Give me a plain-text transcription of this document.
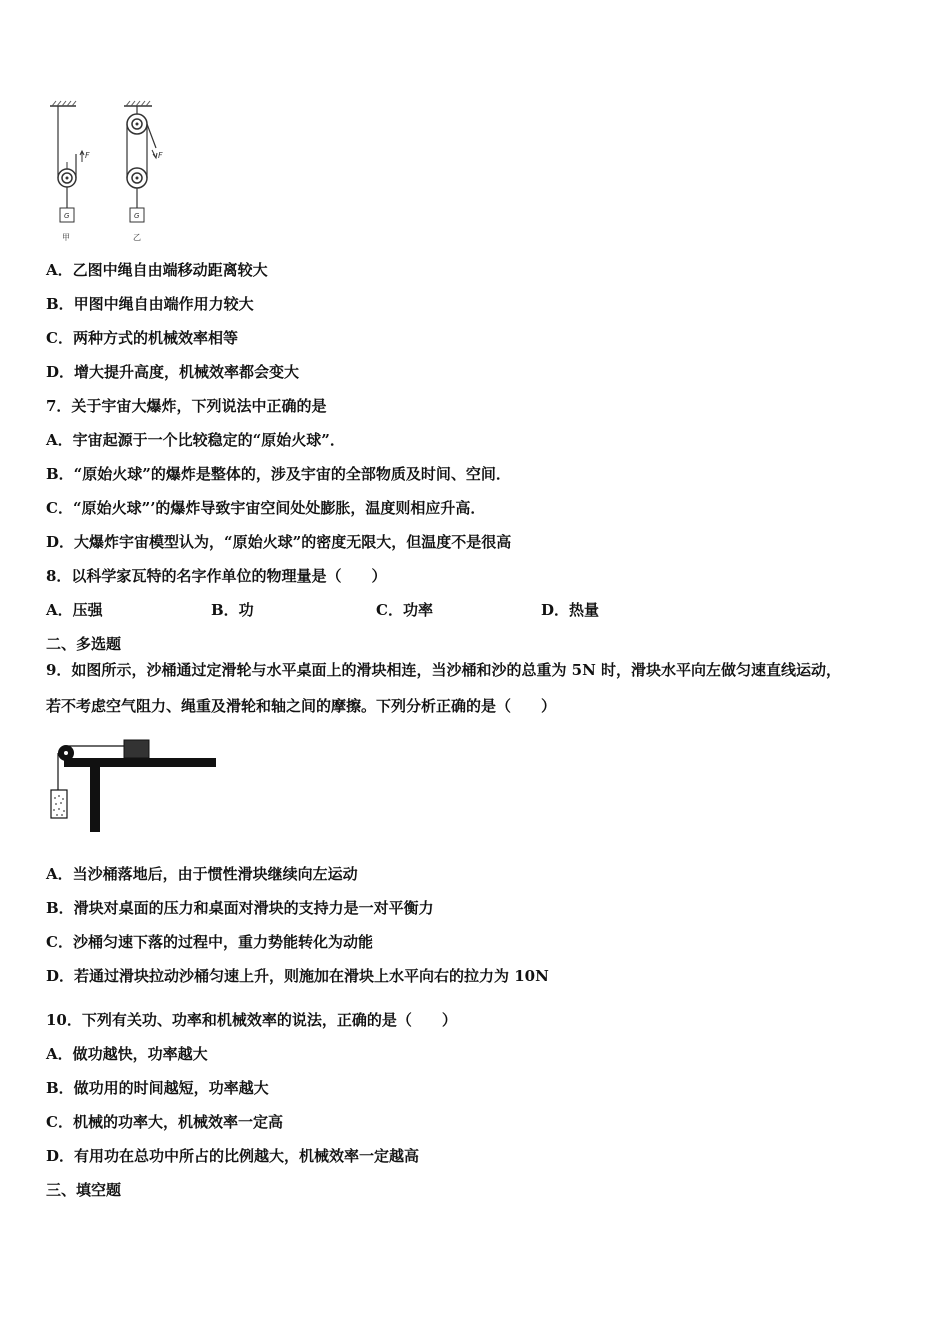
F
G
甲
F
G
乙
A．乙图中绳自由端移动距离较大
B．甲图中绳自由端作用力较大
C．两种方式的机械效率相等
D．增大提升高度，机械效率都会变大
7．关于宇宙大爆炸，下列说法中正确的是
A．宇宙起源于一个比较稳定的“原始火球”．
B．“原始火球”的爆炸是整体的，涉及宇宙的全部物质及时间、空间．
C．“原始火球”’的爆炸导致宇宙空间处处膨胀，温度则相应升高．
D．大爆炸宇宙模型认为，“原始火球”的密度无限大，但温度不是很高
8．以科学家瓦特的名字作单位的物理量是（　　）
A．压强	B．功	C．功率	D．热量
二、多选题
9．如图所示，沙桶通过定滑轮与水平桌面上的滑块相连，当沙桶和沙的总重为 5N 时，滑块水平向左做匀速直线运动，
若不考虑空气阻力、绳重及滑轮和轴之间的摩擦。下列分析正确的是（　　）
A．当沙桶落地后，由于惯性滑块继续向左运动
B．滑块对桌面的压力和桌面对滑块的支持力是一对平衡力
C．沙桶匀速下落的过程中，重力势能转化为动能
D．若通过滑块拉动沙桶匀速上升，则施加在滑块上水平向右的拉力为 10N
10．下列有关功、功率和机械效率的说法，正确的是（　　）
A．做功越快，功率越大
B．做功用的时间越短，功率越大
C．机械的功率大，机械效率一定高
D．有用功在总功中所占的比例越大，机械效率一定越高
三、填空题
